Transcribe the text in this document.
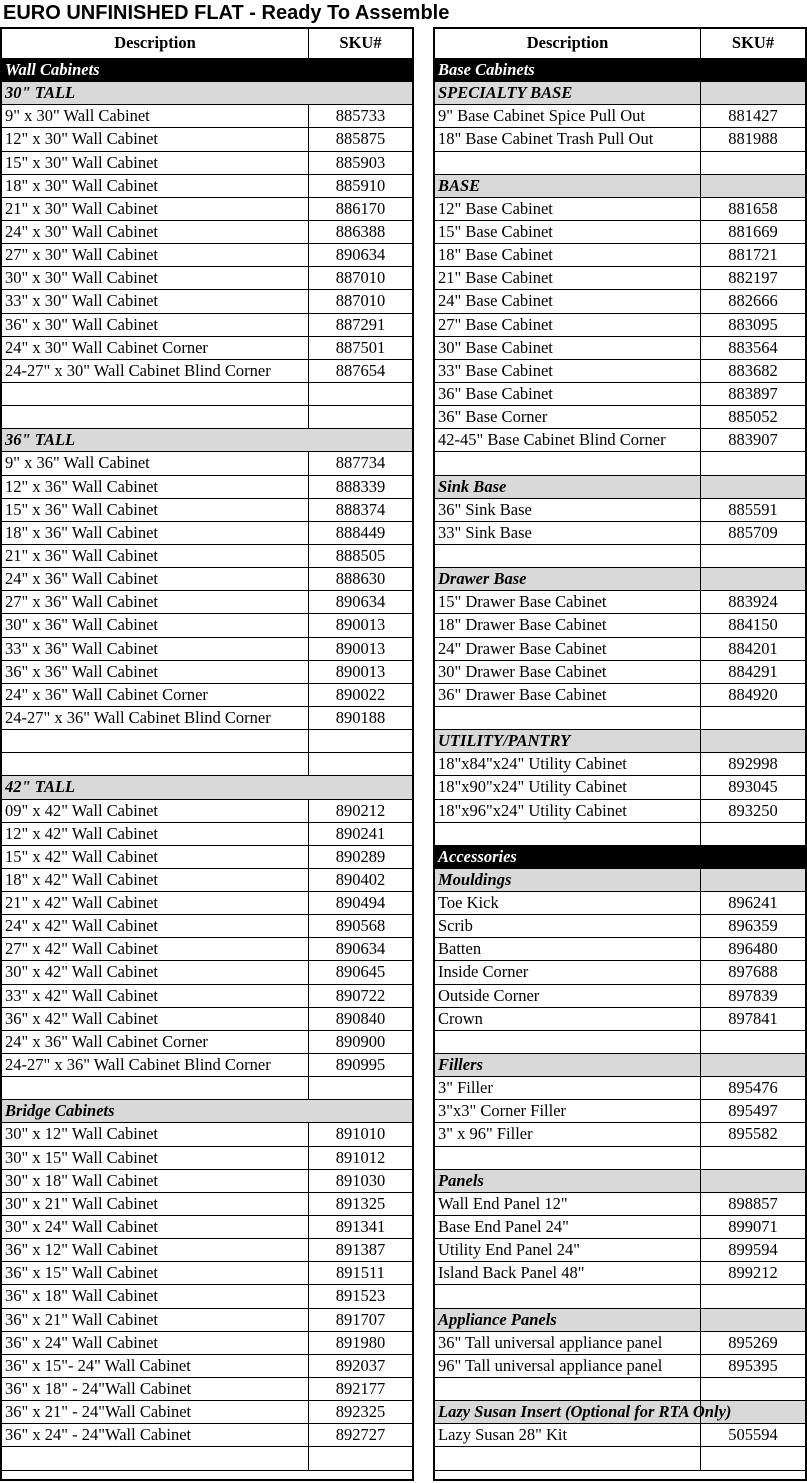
EURO UNFINISHED FLAT - Ready To Assemble
Description	SKU#
Wall Cabinets
30" TALL
9" x 30" Wall Cabinet	885733
12" x 30" Wall Cabinet	885875
15" x 30" Wall Cabinet	885903
18" x 30" Wall Cabinet	885910
21" x 30" Wall Cabinet	886170
24" x 30" Wall Cabinet	886388
27" x 30" Wall Cabinet	890634
30" x 30" Wall Cabinet	887010
33" x 30" Wall Cabinet	887010
36" x 30" Wall Cabinet	887291
24" x 30" Wall Cabinet Corner	887501
24-27" x 30" Wall Cabinet Blind Corner	887654
36" TALL
9" x 36" Wall Cabinet	887734
12" x 36" Wall Cabinet	888339
15" x 36" Wall Cabinet	888374
18" x 36" Wall Cabinet	888449
21" x 36" Wall Cabinet	888505
24" x 36" Wall Cabinet	888630
27" x 36" Wall Cabinet	890634
30" x 36" Wall Cabinet	890013
33" x 36" Wall Cabinet	890013
36" x 36" Wall Cabinet	890013
24" x 36" Wall Cabinet Corner	890022
24-27" x 36" Wall Cabinet Blind Corner	890188
42" TALL
09" x 42" Wall Cabinet	890212
12" x 42" Wall Cabinet	890241
15" x 42" Wall Cabinet	890289
18" x 42" Wall Cabinet	890402
21" x 42" Wall Cabinet	890494
24" x 42" Wall Cabinet	890568
27" x 42" Wall Cabinet	890634
30" x 42" Wall Cabinet	890645
33" x 42" Wall Cabinet	890722
36" x 42" Wall Cabinet	890840
24" x 36" Wall Cabinet Corner	890900
24-27" x 36" Wall Cabinet Blind Corner	890995
Bridge Cabinets
30" x 12" Wall Cabinet	891010
30" x 15" Wall Cabinet	891012
30" x 18" Wall Cabinet	891030
30" x 21" Wall Cabinet	891325
30" x 24" Wall Cabinet	891341
36" x 12" Wall Cabinet	891387
36" x 15" Wall Cabinet	891511
36" x 18" Wall Cabinet	891523
36" x 21" Wall Cabinet	891707
36" x 24" Wall Cabinet	891980
36" x 15"- 24" Wall Cabinet	892037
36" x 18" - 24"Wall Cabinet	892177
36" x 21" - 24"Wall Cabinet	892325
36" x 24" - 24"Wall Cabinet	892727
Description	SKU#
Base Cabinets
SPECIALTY BASE
9" Base Cabinet Spice Pull Out	881427
18" Base Cabinet Trash Pull Out	881988
BASE
12" Base Cabinet	881658
15" Base Cabinet	881669
18" Base Cabinet	881721
21" Base Cabinet	882197
24" Base Cabinet	882666
27" Base Cabinet	883095
30" Base Cabinet	883564
33" Base Cabinet	883682
36" Base Cabinet	883897
36" Base Corner	885052
42-45" Base Cabinet Blind Corner	883907
Sink Base
36" Sink Base	885591
33" Sink Base	885709
Drawer Base
15" Drawer Base Cabinet	883924
18" Drawer Base Cabinet	884150
24" Drawer Base Cabinet	884201
30" Drawer Base Cabinet	884291
36" Drawer Base Cabinet	884920
UTILITY/PANTRY
18"x84"x24" Utility Cabinet	892998
18"x90"x24" Utility Cabinet	893045
18"x96"x24" Utility Cabinet	893250
Accessories
Mouldings
Toe Kick	896241
Scrib	896359
Batten	896480
Inside Corner	897688
Outside Corner	897839
Crown	897841
Fillers
3" Filler	895476
3"x3" Corner Filler	895497
3" x 96" Filler	895582
Panels
Wall End Panel 12"	898857
Base End Panel 24"	899071
Utility End Panel 24"	899594
Island Back Panel 48"	899212
Appliance Panels
36" Tall universal appliance panel	895269
96" Tall universal appliance panel	895395
Lazy Susan Insert (Optional for RTA Only)
Lazy Susan 28" Kit	505594
